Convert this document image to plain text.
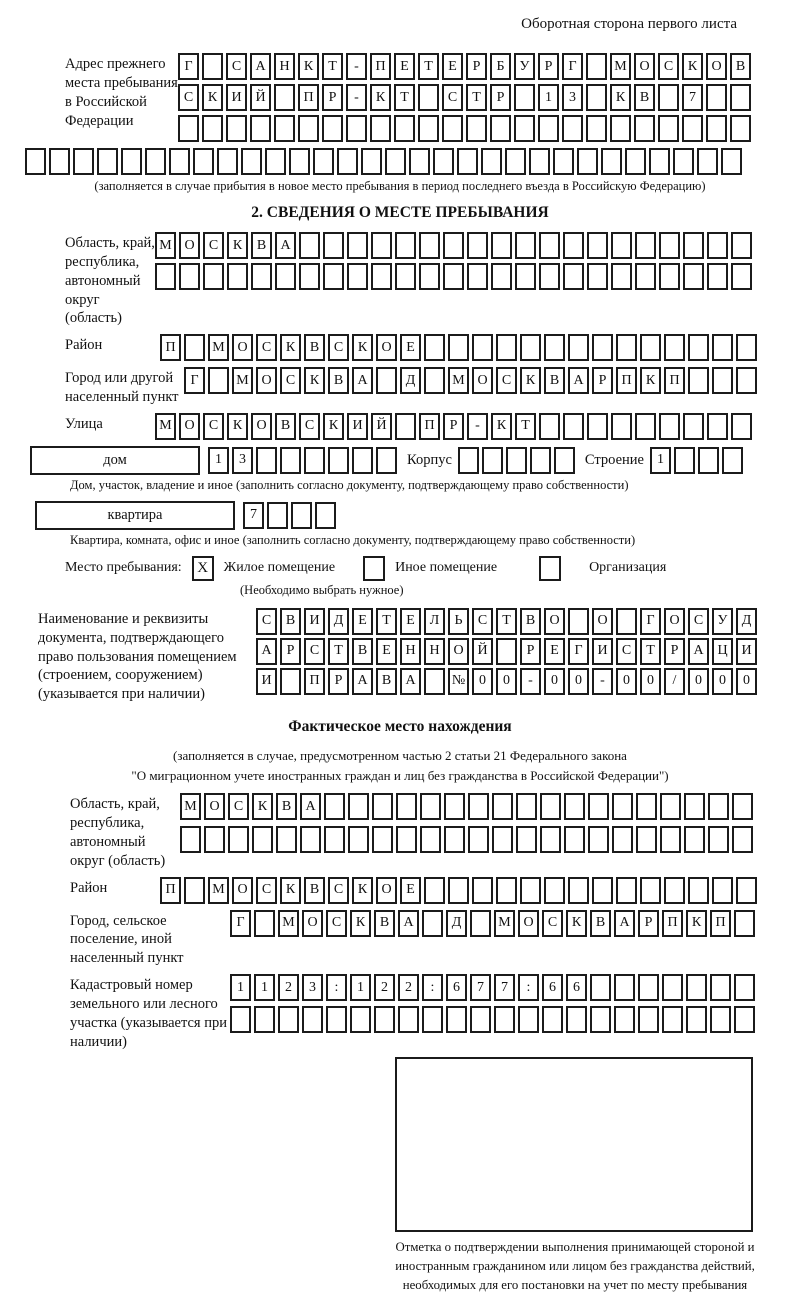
Оборотная сторона первого листа
Адрес прежнего места пребывания в Российской Федерации
Г	С	А Н	К	Т	-	П	Е	Т	Е	Р	Б	У	Р	Г	М О	С	К	О	В
С	К	И Й	П	Р	-	К	Т	С	Т	Р	1	3	К	В	7
(заполняется в случае прибытия в новое место пребывания в период последнего въезда в Российскую Федерацию)
2. СВЕДЕНИЯ О МЕСТЕ ПРЕБЫВАНИЯ
Область, край, республика, автономный округ (область)
М О	С	К	В	А
Район	П	М О	С	К	В	С	К	О	Е
Город или другой населенный пункт
Г	М О	С	К	В	А	Д	М О	С	К	В	А	Р	П	К	П
Улица	М О	С	К	О	В	С	К	И Й	П	Р	-	К	Т
дом	1	3	Корпус	Строение 1
Дом, участок, владение и иное (заполнить согласно документу, подтверждающему право собственности)
квартира	7
Квартира, комната, офис и иное (заполнить согласно документу, подтверждающему право собственности)
Место пребывания:	X	Жилое помещение	Иное помещение	Организация
(Необходимо выбрать нужное)
Наименование и реквизиты документа, подтверждающего право пользования помещением (строением, сооружением) (указывается при наличии)
С	В	И	Д	Е	Т	Е	Л	Ь	С	Т	В	О	О	Г	О	С	У	Д
А	Р	С	Т	В	Е	Н Н О Й	Р	Е	Г	И	С	Т	Р	А Ц И
И	П	Р	А	В	А	№ 0	0	-	0	0	-	0	0	/	0	0	0
Фактическое место нахождения
(заполняется в случае, предусмотренном частью 2 статьи 21 Федерального закона
"О миграционном учете иностранных граждан и лиц без гражданства в Российской Федерации")
Область, край, республика, автономный округ (область)
М О	С	К	В	А
Район	П	М О	С	К	В	С	К	О	Е
Город, сельское поселение, иной населенный пункт
Г	М О	С	К	В	А	Д	М О	С	К	В	А	Р	П	К	П
Кадастровый номер земельного или лесного участка (указывается при наличии)
1	1	2	3	:	1	2	2	:	6	7	7	:	6	6
Отметка о подтверждении выполнения принимающей стороной и иностранным гражданином или лицом без гражданства действий, необходимых для его постановки на учет по месту пребывания
